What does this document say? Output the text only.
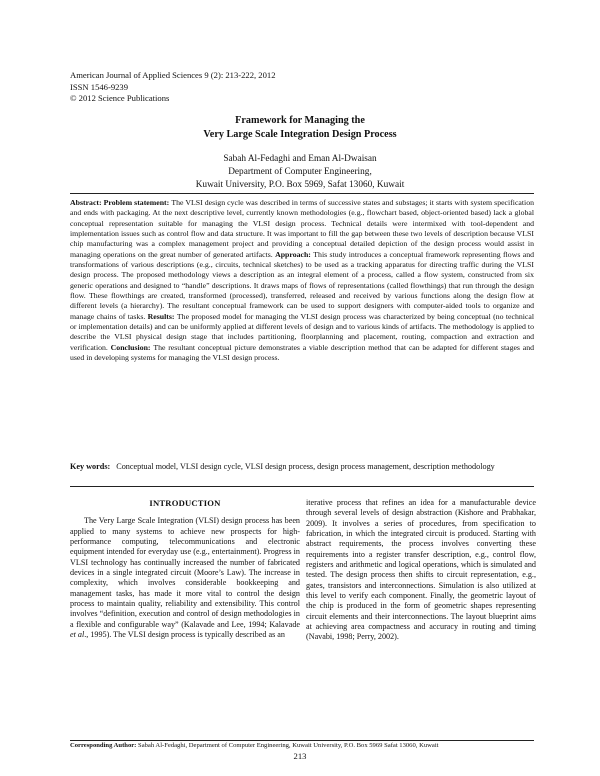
American Journal of Applied Sciences 9 (2): 213-222, 2012
ISSN 1546-9239
© 2012 Science Publications
Framework for Managing the
Very Large Scale Integration Design Process
Sabah Al-Fedaghi and Eman Al-Dwaisan
Department of Computer Engineering,
Kuwait University, P.O. Box 5969, Safat 13060, Kuwait
Abstract: Problem statement: The VLSI design cycle was described in terms of successive states and substages; it starts with system specification and ends with packaging. At the next descriptive level, currently known methodologies (e.g., flowchart based, object-oriented based) lack a global conceptual representation suitable for managing the VLSI design process. Technical details were intermixed with tool-dependent and implementation issues such as control flow and data structure. It was important to fill the gap between these two levels of description because VLSI chip manufacturing was a complex management project and providing a conceptual detailed depiction of the design process would assist in managing operations on the great number of generated artifacts. Approach: This study introduces a conceptual framework representing flows and transformations of various descriptions (e.g., circuits, technical sketches) to be used as a tracking apparatus for directing traffic during the VLSI design process. The proposed methodology views a description as an integral element of a process, called a flow system, constructed from six generic operations and designed to “handle” descriptions. It draws maps of flows of representations (called flowthings) that run through the design flow. These flowthings are created, transformed (processed), transferred, released and received by various functions along the design flow at different levels (a hierarchy). The resultant conceptual framework can be used to support designers with computer-aided tools to organize and manage chains of tasks. Results: The proposed model for managing the VLSI design process was characterized by being conceptual (no technical or implementation details) and can be uniformly applied at different levels of design and to various kinds of artifacts. The methodology is applied to describe the VLSI physical design stage that includes partitioning, floorplanning and placement, routing, compaction and extraction and verification. Conclusion: The resultant conceptual picture demonstrates a viable description method that can be adapted for different stages and used in developing systems for managing the VLSI design process.
Key words: Conceptual model, VLSI design cycle, VLSI design process, design process management, description methodology
INTRODUCTION

The Very Large Scale Integration (VLSI) design process has been applied to many systems to achieve new prospects for high-performance computing, telecommunications and electronic equipment intended for everyday use (e.g., entertainment). Progress in VLSI technology has continually increased the number of fabricated devices in a single integrated circuit (Moore’s Law). The increase in complexity, which involves considerable bookkeeping and management tasks, has made it more vital to control the design process to maintain quality, reliability and extensibility. This control involves “definition, execution and control of design methodologies in a flexible and configurable way” (Kalavade and Lee, 1994; Kalavade et al., 1995). The VLSI design process is typically described as an

iterative process that refines an idea for a manufacturable device through several levels of design abstraction (Kishore and Prabhakar, 2009). It involves a series of procedures, from specification to fabrication, in which the integrated circuit is produced. Starting with abstract requirements, the process involves converting these requirements into a register transfer description, e.g., control flow, registers and arithmetic and logical operations, which is simulated and tested. The design process then shifts to circuit representation, e.g., gates, transistors and interconnections. Simulation is also utilized at this level to verify each component. Finally, the geometric layout of the chip is produced in the form of geometric shapes representing circuit elements and their interconnections. The layout blueprint aims at achieving area compactness and accuracy in routing and timing (Navabi, 1998; Perry, 2002).

Corresponding Author: Sabah Al-Fedaghi, Department of Computer Engineering, Kuwait University, P.O. Box 5969 Safat 13060, Kuwait
213
